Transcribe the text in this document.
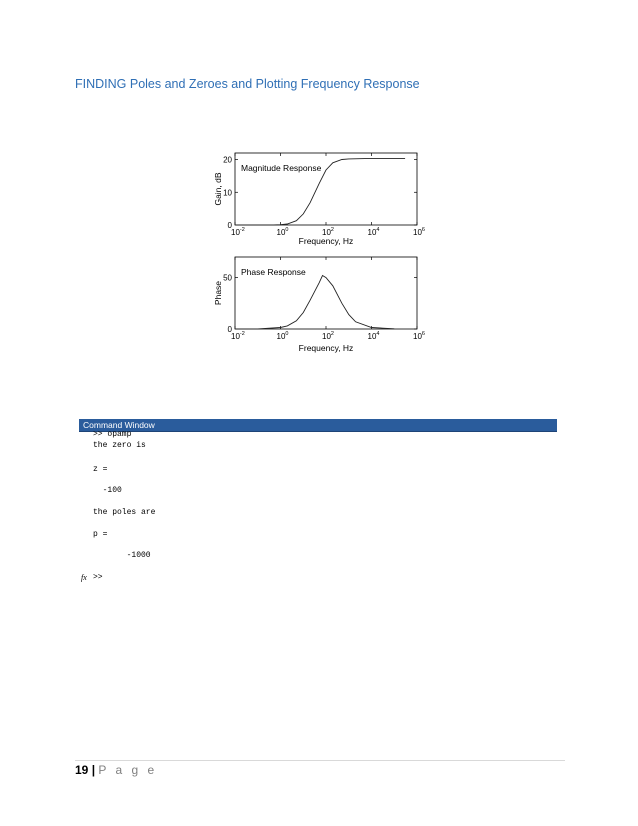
FINDING Poles and Zeroes and Plotting Frequency Response
$10^{-2}$	$10^0$	$10^2$	$10^4$	$10^6$
0
10
20
Magnitude Response
Frequency, Hz
Gain, dB
$10^{-2}$	$10^0$	$10^2$	$10^4$	$10^6$
0
50
Phase Response
Frequency, Hz
Phase
Command Window
>> opamp
the zero is
z =
-100
the poles are
p =
-1000
fx >>
19 | P a g e
